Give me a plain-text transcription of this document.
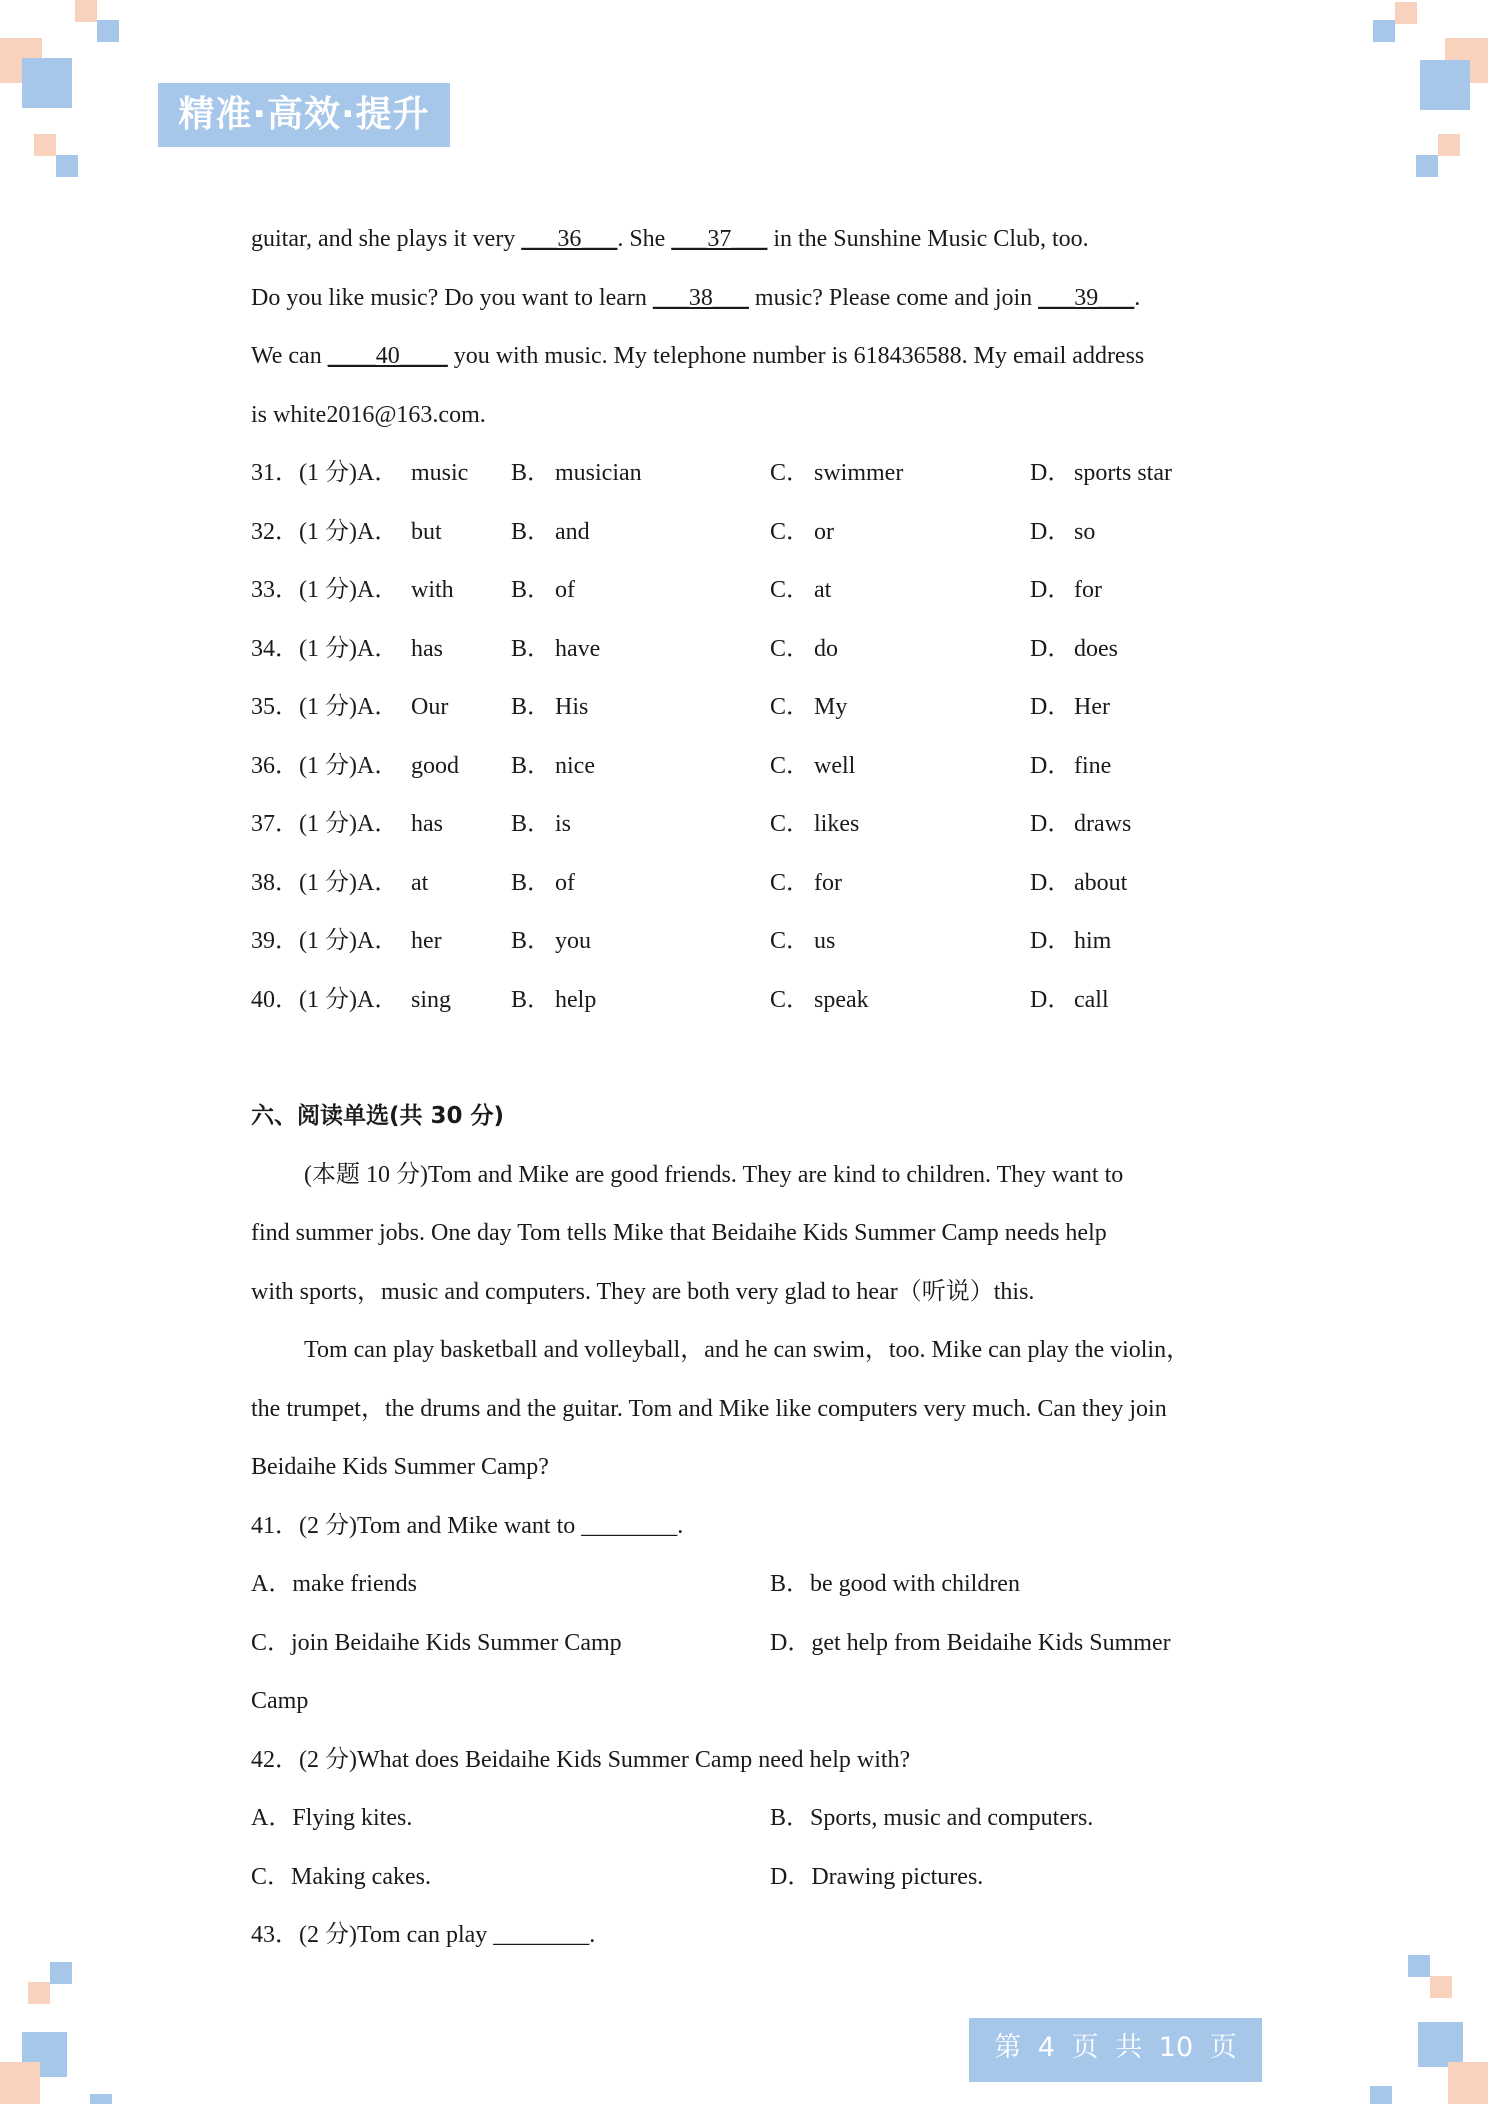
精准·高效·提升
guitar, and she plays it very ___36___. She ___37___ in the Sunshine Music Club, too.
Do you like music? Do you want to learn ___38___ music? Please come and join ___39___.
We can ____40____ you with music. My telephone number is 618436588. My email address
is white2016@163.com.
31．(1 分)A． music B． musician	C． swimmer	D． sports star
32．(1 分)A． but	B． and	C． or	D． so
33．(1 分)A． with B． of	C． at	D． for
34．(1 分)A． has	B． have	C． do	D． does
35．(1 分)A． Our	B． His	C． My	D． Her
36．(1 分)A． good B． nice	C． well	D． fine
37．(1 分)A． has	B． is	C． likes	D． draws
38．(1 分)A． at	B． of	C． for	D． about
39．(1 分)A． her	B． you	C． us	D． him
40．(1 分)A． sing B． help	C． speak	D． call
六、阅读单选(共 30 分)
(本题 10 分)Tom and Mike are good friends. They are kind to children. They want to
find summer jobs. One day Tom tells Mike that Beidaihe Kids Summer Camp needs help
with sports，music and computers. They are both very glad to hear（听说）this.
Tom can play basketball and volleyball，and he can swim，too. Mike can play the violin，
the trumpet，the drums and the guitar. Tom and Mike like computers very much. Can they join
Beidaihe Kids Summer Camp?
41．(2 分)Tom and Mike want to ________.
A．make friends	B．be good with children
C．join Beidaihe Kids Summer Camp	D．get help from Beidaihe Kids Summer
Camp
42．(2 分)What does Beidaihe Kids Summer Camp need help with?
A．Flying kites.	B．Sports, music and computers.
C．Making cakes.	D．Drawing pictures.
43．(2 分)Tom can play ________.
第 4 页 共 10 页
